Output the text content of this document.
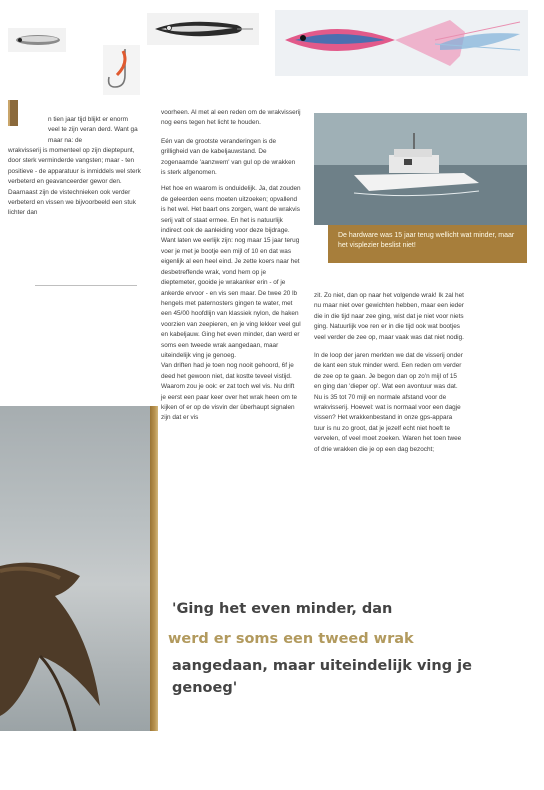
n tien jaar tijd blijkt er enorm veel te zijn veran derd. Want ga maar na: de
wrakvisserij is momenteel op zijn dieptepunt, door sterk verminderde vangsten; maar - ten positieve - de apparatuur is inmiddels wel sterk verbeterd en geavanceerder gewor den. Daarnaast zijn de vistechnieken ook verder verbeterd en vissen we bijvoorbeeld een stuk lichter dan

voorheen. Al met al een reden om de wrakvisserij nog eens tegen het licht te houden.

Eén van de grootste veranderingen is de grilligheid van de kabeljauwstand. De zogenaamde 'aanzwem' van gul op de wrakken is sterk afgenomen.

Het hoe en waarom is onduidelijk. Ja, dat zouden de geleerden eens moeten uitzoeken; opvallend is het wel. Het baart ons zorgen, want de wrakvis serij valt of staat ermee. En het is natuurlijk indirect ook de aanleiding voor deze bijdrage.

Want laten we eerlijk zijn: nog maar 15 jaar terug voer je met je bootje een mijl of 10 en dat was eigenlijk al een heel eind. Je zette koers naar het desbetreffende wrak, vond hem op je dieptemeter, gooide je wrakanker erin - of je ankerde ervoor - en vis sen maar. De twee 20 lb hengels met paternosters gingen te water, met een 45/00 hoofdlijn van klassiek nylon, de haken voorzien van zeepieren, en je ving lekker veel gul en kabeljauw. Ging het even minder, dan werd er soms een tweede wrak aangedaan, maar uiteindelijk ving je genoeg.

Van driften had je toen nog nooit gehoord, 6f je deed het gewoon niet, dat kostte teveel vistijd. Waarom zou je ook: er zat toch wel vis. Nu drift je eerst een paar keer over het wrak heen om te kijken of er op de visvin der überhaupt signalen zijn dat er vis

De hardware was 15 jaar terug wellicht wat minder, maar het visplezier beslist niet!

zit. Zo niet, dan op naar het volgende wrak! Ik zal het nu maar niet over gewichten hebben, maar een ieder die in die tijd naar zee ging, wist dat je niet voor niets ging. Natuurlijk voe ren er in die tijd ook wat bootjes veel verder de zee op, maar vaak was dat niet nodig.

In de loop der jaren merkten we dat de visserij onder de kant een stuk minder werd. Een reden om verder de zee op te gaan. Je begon dan op zo'n mijl of 15 en ging dan 'dieper op'. Wat een avontuur was dat. Nu is 35 tot 70 mijl en normale afstand voor de wrakvisserij. Hoewel: wat is normaal voor een dagje vissen? Het wrakkenbestand in onze gps-appara tuur is nu zo groot, dat je jezelf echt niet hoeft te vervelen, of veel moet zoeken. Waren het toen twee of drie wrakken die je op een dag bezocht;

'Ging het even minder, dan
werd er soms een tweed wrak
aangedaan, maar uiteindelijk ving je genoeg'
